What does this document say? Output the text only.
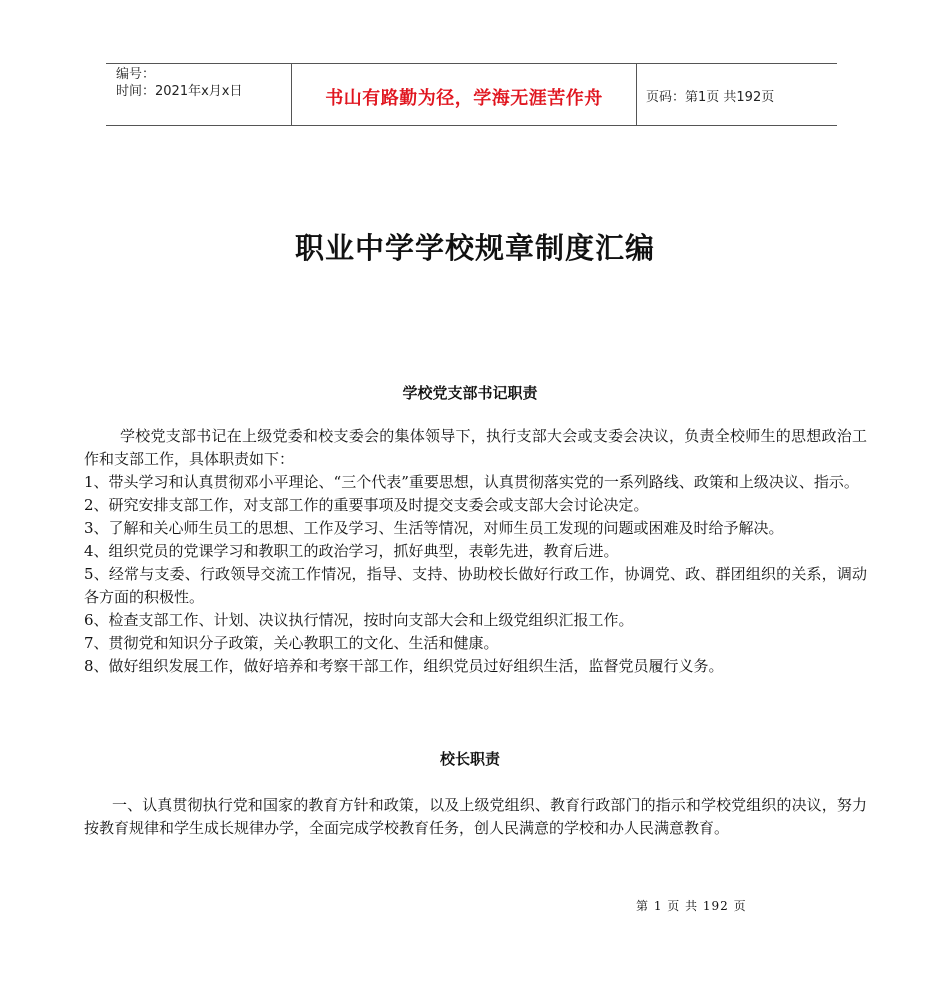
编号：
时间：2021年x月x日	书山有路勤为径，学海无涯苦作舟	页码：第1页 共192页
职业中学学校规章制度汇编
学校党支部书记职责

学校党支部书记在上级党委和校支委会的集体领导下，执行支部大会或支委会决议，负责全校师生的思想政治工作和支部工作，具体职责如下：

1、带头学习和认真贯彻邓小平理论、“三个代表”重要思想，认真贯彻落实党的一系列路线、政策和上级决议、指示。

2、研究安排支部工作，对支部工作的重要事项及时提交支委会或支部大会讨论决定。

3、了解和关心师生员工的思想、工作及学习、生活等情况，对师生员工发现的问题或困难及时给予解决。

4、组织党员的党课学习和教职工的政治学习，抓好典型，表彰先进，教育后进。

5、经常与支委、行政领导交流工作情况，指导、支持、协助校长做好行政工作，协调党、政、群团组织的关系，调动各方面的积极性。

6、检查支部工作、计划、决议执行情况，按时向支部大会和上级党组织汇报工作。

7、贯彻党和知识分子政策，关心教职工的文化、生活和健康。

8、做好组织发展工作，做好培养和考察干部工作，组织党员过好组织生活，监督党员履行义务。

校长职责

一、认真贯彻执行党和国家的教育方针和政策，以及上级党组织、教育行政部门的指示和学校党组织的决议，努力按教育规律和学生成长规律办学，全面完成学校教育任务，创人民满意的学校和办人民满意教育。

第 1 页 共 192 页
